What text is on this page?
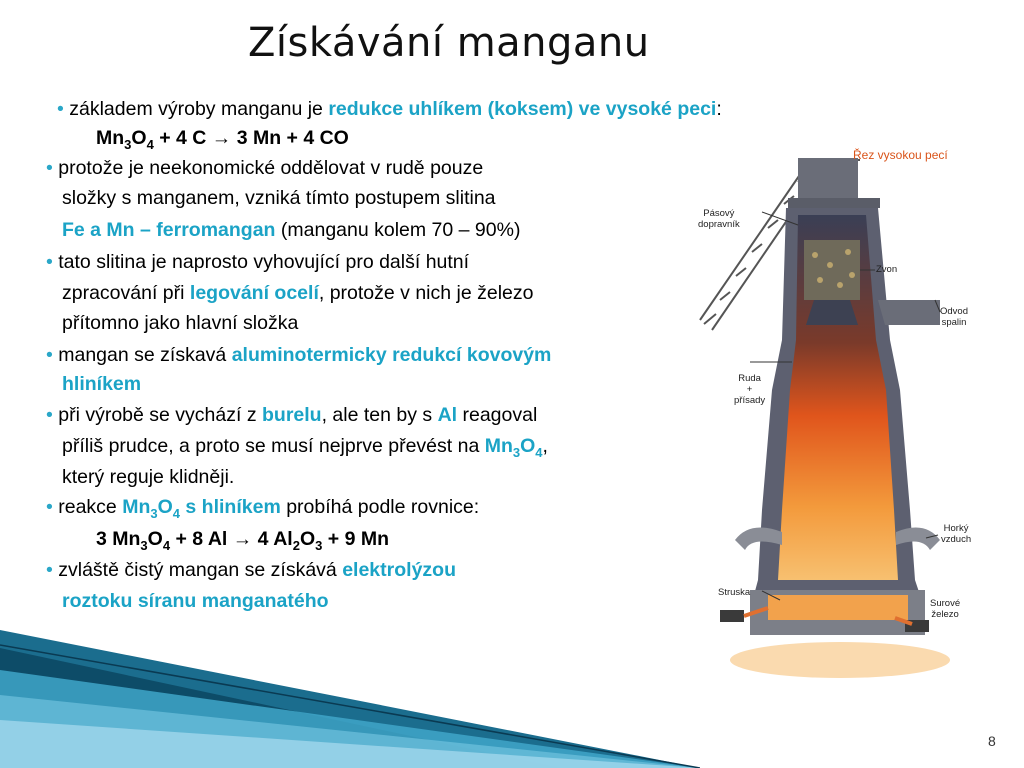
Získávání manganu
• základem výroby manganu je redukce uhlíkem (koksem) ve vysoké peci:
$Mn_3O_4 + 4$ C → 3 Mn + 4 CO
• protože je neekonomické oddělovat v rudě pouze
složky s manganem, vzniká tímto postupem slitina
Fe a Mn – ferromangan (manganu kolem 70 – 90%)
• tato slitina je naprosto vyhovující pro další hutní
zpracování při legování ocelí, protože v nich je železo
přítomno jako hlavní složka
• mangan se získavá aluminotermicky redukcí kovovým
hliníkem
• při výrobě se vychází z burelu, ale ten by s Al reagoval
příliš prudce, a proto se musí nejprve převést na $Mn_3O_4$,
který reguje klidněji.
• reakce $Mn_3O_4$ s hliníkem probíhá podle rovnice:
3 $Mn_3O_4 + 8$ Al → 4 $Al_2O_3 + 9$ Mn
• zvláště čistý mangan se získává elektrolýzou
roztoku síranu manganatého
Řez vysokou pecí
Pásový
dopravník
Zvon
Odvod
spalin
Ruda
+
přísady
Horký
vzduch
Struska
Surové
železo
8
